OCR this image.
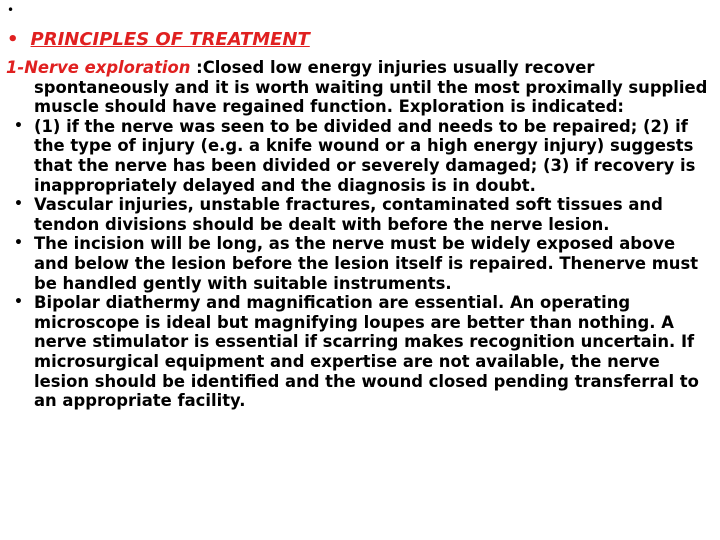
•
• PRINCIPLES OF TREATMENT

1-Nerve exploration :Closed low energy injuries usually recover spontaneously and it is worth waiting until the most proximally supplied muscle should have regained function. Exploration is indicated:

• (1) if the nerve was seen to be divided and needs to be repaired; (2) if the type of injury (e.g. a knife wound or a high energy injury) suggests that the nerve has been divided or severely damaged; (3) if recovery is inappropriately delayed and the diagnosis is in doubt.

• Vascular injuries, unstable fractures, contaminated soft tissues and tendon divisions should be dealt with before the nerve lesion.

• The incision will be long, as the nerve must be widely exposed above and below the lesion before the lesion itself is repaired. Thenerve must be handled gently with suitable instruments.

• Bipolar diathermy and magnification are essential. An operating microscope is ideal but magnifying loupes are better than nothing. A nerve stimulator is essential if scarring makes recognition uncertain. If microsurgical equipment and expertise are not available, the nerve lesion should be identified and the wound closed pending transferral to an appropriate facility.
